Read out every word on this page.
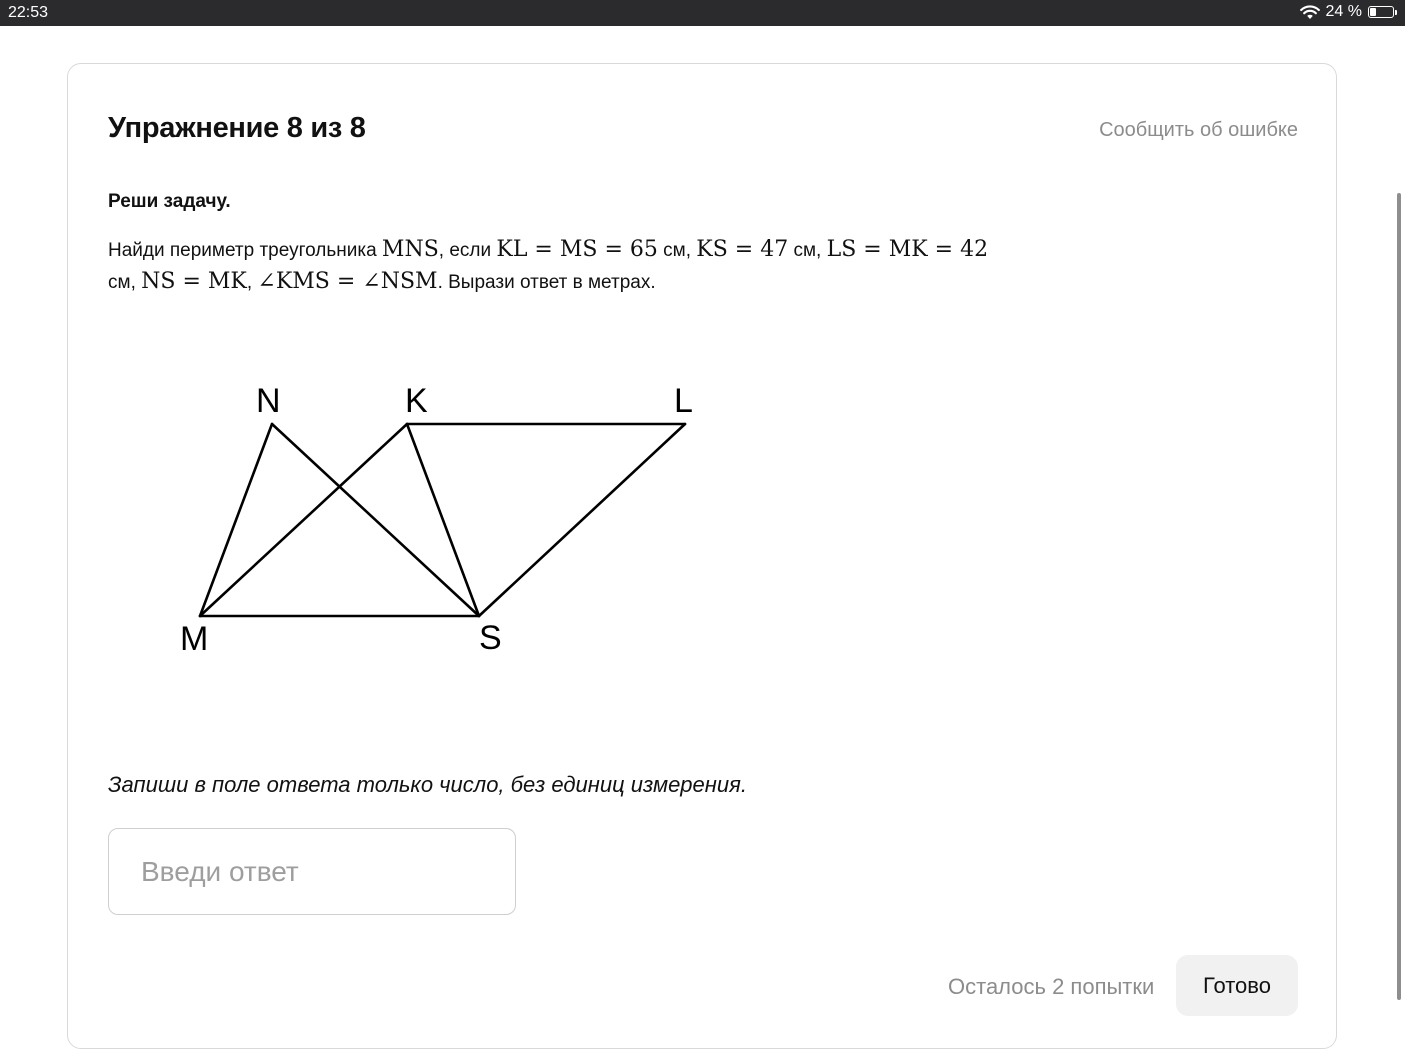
22:53	24 %
Упражнение 8 из 8	Сообщить об ошибке
Реши задачу.
Найди периметр треугольника MNS, если KL = MS = 65 см, KS = 47 см, LS = MK = 42
см, NS = MK, ∠KMS = ∠NSM. Вырази ответ в метрах.
N	K	L
M	S
Запиши в поле ответа только число, без единиц измерения.
Введи ответ
Осталось 2 попытки	Готово
